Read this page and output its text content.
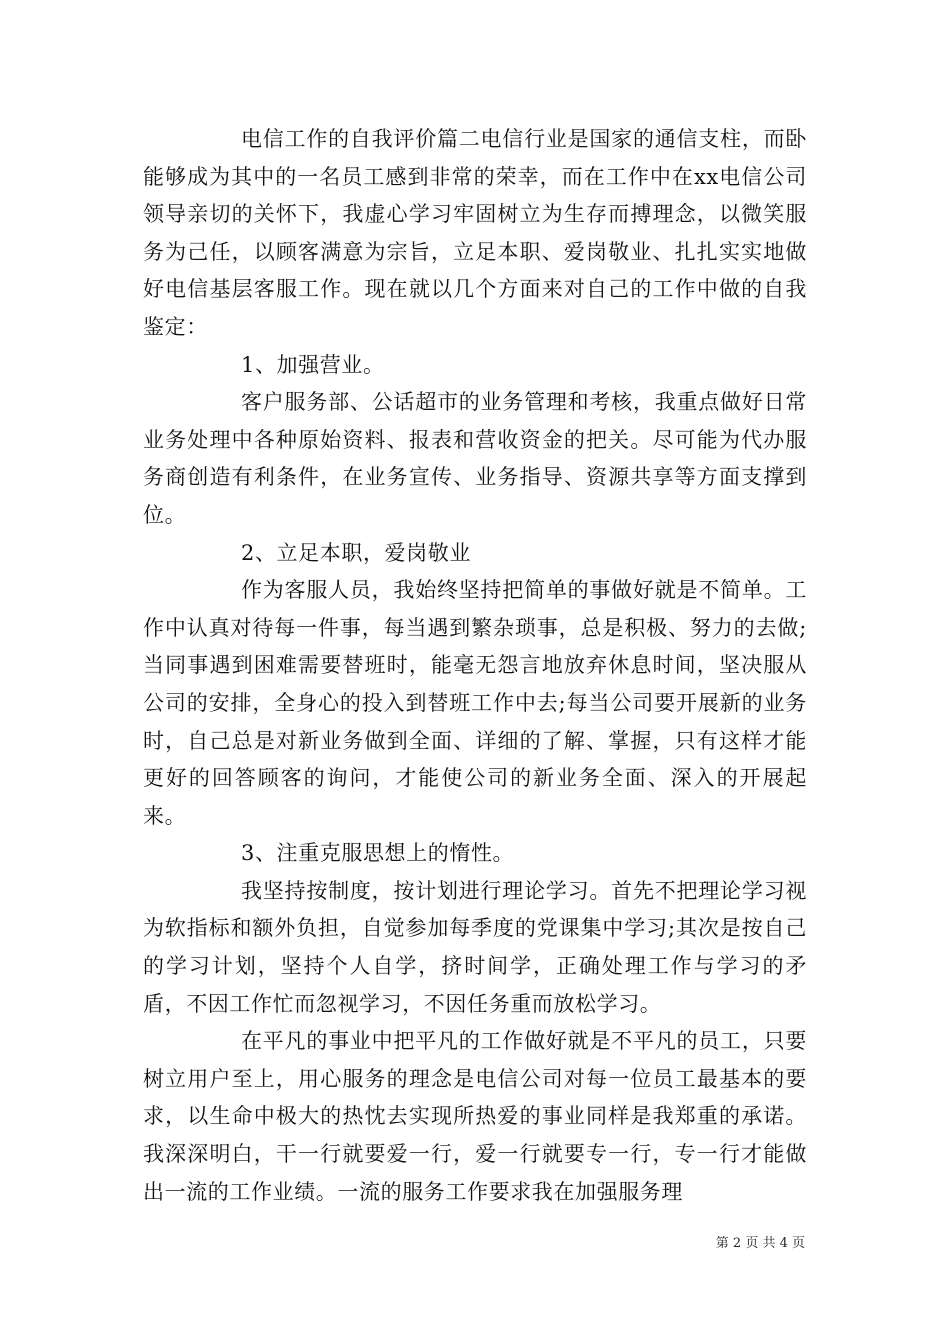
电信工作的自我评价篇二电信行业是国家的通信支柱，而卧能够成为其中的一名员工感到非常的荣幸，而在工作中在xx电信公司领导亲切的关怀下，我虚心学习牢固树立为生存而搏理念，以微笑服务为己任，以顾客满意为宗旨，立足本职、爱岗敬业、扎扎实实地做好电信基层客服工作。现在就以几个方面来对自己的工作中做的自我鉴定：

1、加强营业。

客户服务部、公话超市的业务管理和考核，我重点做好日常业务处理中各种原始资料、报表和营收资金的把关。尽可能为代办服务商创造有利条件，在业务宣传、业务指导、资源共享等方面支撑到位。

2、立足本职，爱岗敬业

作为客服人员，我始终坚持把简单的事做好就是不简单。工作中认真对待每一件事，每当遇到繁杂琐事，总是积极、努力的去做;当同事遇到困难需要替班时，能毫无怨言地放弃休息时间，坚决服从公司的安排，全身心的投入到替班工作中去;每当公司要开展新的业务时，自己总是对新业务做到全面、详细的了解、掌握，只有这样才能更好的回答顾客的询问，才能使公司的新业务全面、深入的开展起来。

3、注重克服思想上的惰性。

我坚持按制度，按计划进行理论学习。首先不把理论学习视为软指标和额外负担，自觉参加每季度的党课集中学习;其次是按自己的学习计划，坚持个人自学，挤时间学，正确处理工作与学习的矛盾，不因工作忙而忽视学习，不因任务重而放松学习。

在平凡的事业中把平凡的工作做好就是不平凡的员工，只要树立用户至上，用心服务的理念是电信公司对每一位员工最基本的要求，以生命中极大的热忱去实现所热爱的事业同样是我郑重的承诺。我深深明白，干一行就要爱一行，爱一行就要专一行，专一行才能做出一流的工作业绩。一流的服务工作要求我在加强服务理

第 2 页 共 4 页
